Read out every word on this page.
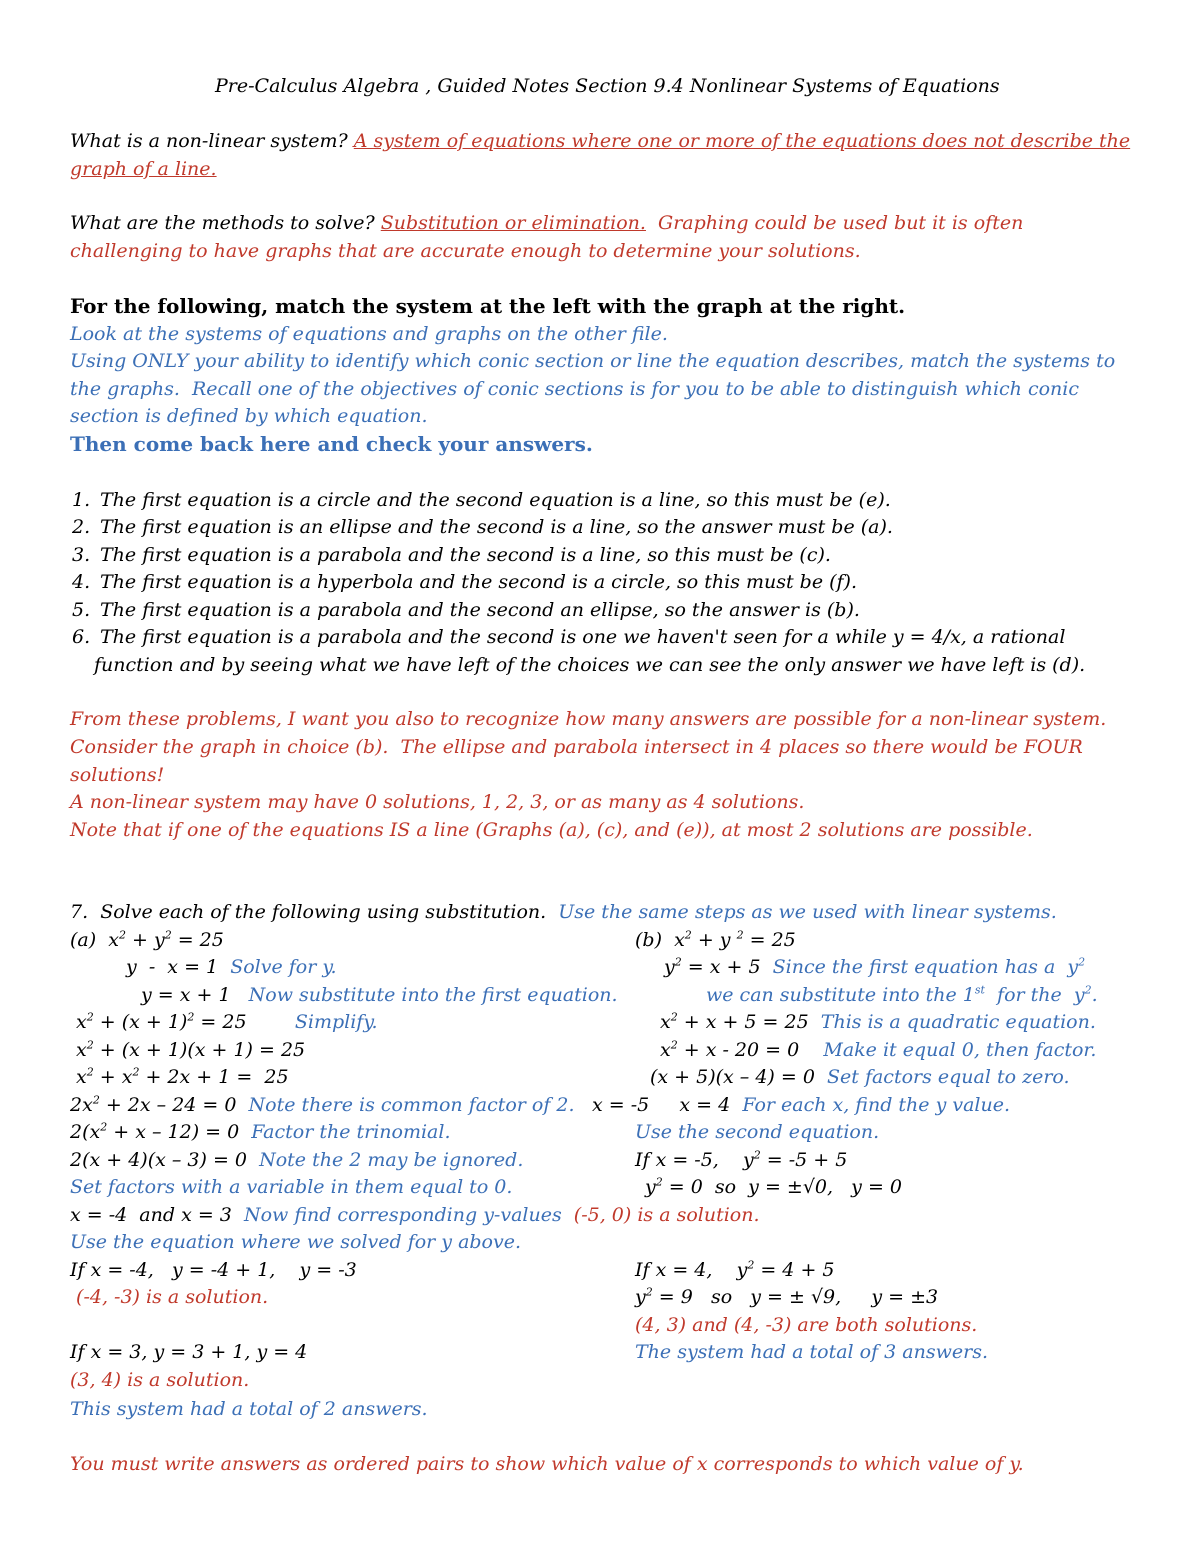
Pre-Calculus Algebra , Guided Notes Section 9.4 Nonlinear Systems of Equations
What is a non-linear system? A system of equations where one or more of the equations does not describe the
graph of a line.
What are the methods to solve? Substitution or elimination.  Graphing could be used but it is often
challenging to have graphs that are accurate enough to determine your solutions.
For the following, match the system at the left with the graph at the right.
Look at the systems of equations and graphs on the other file.
Using ONLY your ability to identify which conic section or line the equation describes, match the systems to
the graphs.  Recall one of the objectives of conic sections is for you to be able to distinguish which conic
section is defined by which equation.
Then come back here and check your answers.
1. The first equation is a circle and the second equation is a line, so this must be (e).
2. The first equation is an ellipse and the second is a line, so the answer must be (a).
3. The first equation is a parabola and the second is a line, so this must be (c).
4. The first equation is a hyperbola and the second is a circle, so this must be (f).
5. The first equation is a parabola and the second an ellipse, so the answer is (b).
6. The first equation is a parabola and the second is one we haven't seen for a while y = 4/x, a rational
function and by seeing what we have left of the choices we can see the only answer we have left is (d).
From these problems, I want you also to recognize how many answers are possible for a non-linear system.
Consider the graph in choice (b).  The ellipse and parabola intersect in 4 places so there would be FOUR
solutions!
A non-linear system may have 0 solutions, 1, 2, 3, or as many as 4 solutions.
Note that if one of the equations IS a line (Graphs (a), (c), and (e)), at most 2 solutions are possible.
7.  Solve each of the following using substitution.  Use the same steps as we used with linear systems.
(a)  $x^2 + y^2 = 25$
y  -  x = 1  Solve for y.
y = x + 1   Now substitute into the first equation.
$x^2 + (x + 1)^2 = 25$        Simplify.
$x^2 + (x + 1)(x + 1) = 25$
$x^2 + x^2 + 2x + 1 = 25$
$2x^2 + 2x - 24 = 0$  Note there is common factor of 2.
$2(x^2 + x - 12) = 0$  Factor the trinomial.
2(x + 4)(x – 3) = 0  Note the 2 may be ignored.
Set factors with a variable in them equal to 0.
x = -4  and x = 3  Now find corresponding y-values  (-5, 0) is a solution.
Use the equation where we solved for y above.
If x = -4,   y = -4 + 1,    y = -3
(-4, -3) is a solution.
If x = 3, y = 3 + 1, y = 4
(3, 4) is a solution.
This system had a total of 2 answers.
(b)  $x^2 + y$ $^2$ = 25
$y^2 = x + 5$  Since the first equation has a  $y^2$
we can substitute into the 1st  for the  $y^2$.
$x^2 + x + 5 = 25$  This is a quadratic equation.
$x^2 + x - 20 = 0$    Make it equal 0, then factor.
(x + 5)(x – 4) = 0  Set factors equal to zero.
x = -5     x = 4  For each x, find the y value.
Use the second equation.
If x = -5,    $y^2 = -5 + 5$
$y^2 = 0$  so  y = ±√0,   y = 0
If x = 4,    $y^2 = 4 + 5$
$y^2 = 9$   so   y = ± √9,     y = ±3
(4, 3) and (4, -3) are both solutions.
The system had a total of 3 answers.
You must write answers as ordered pairs to show which value of x corresponds to which value of y.
